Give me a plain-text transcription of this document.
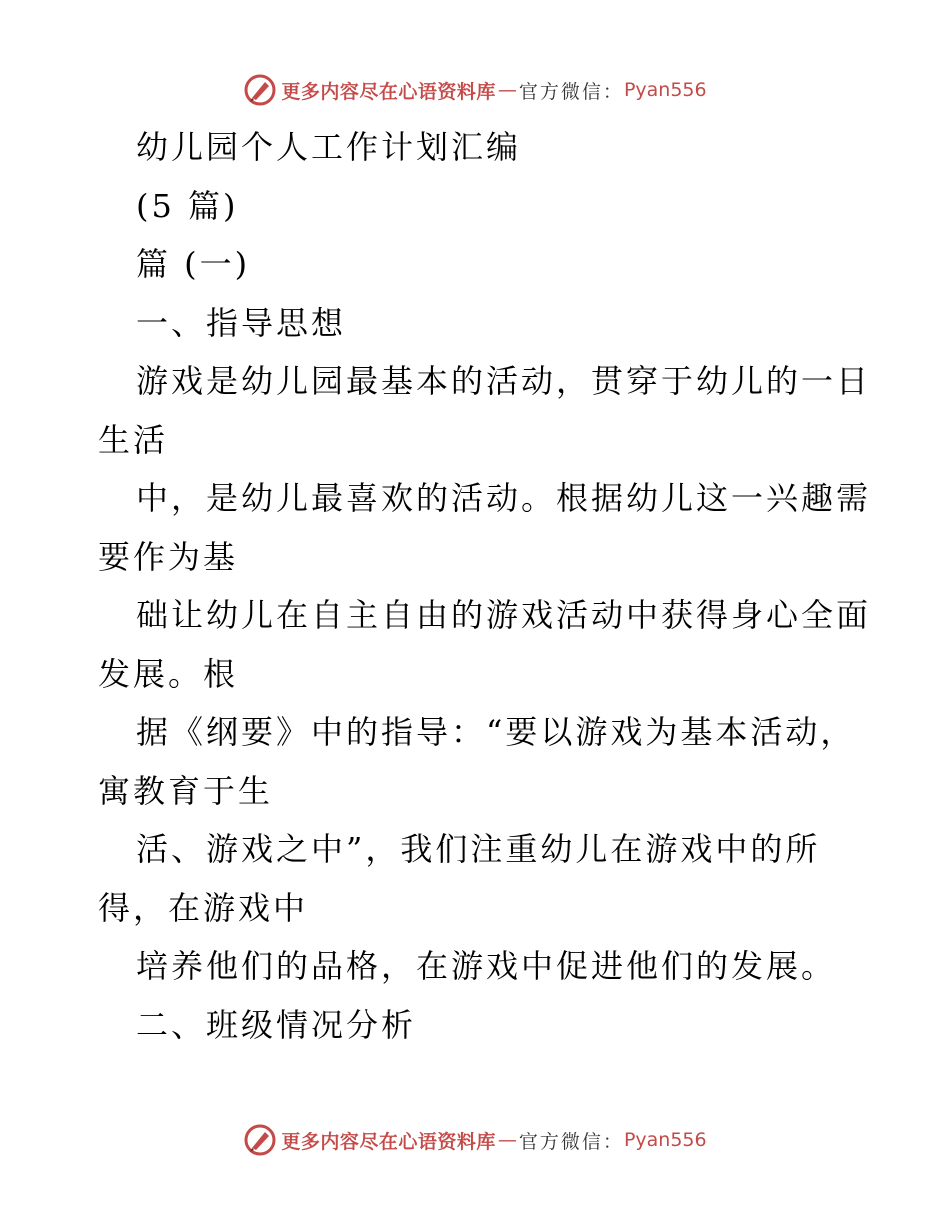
更多内容尽在心语资料库 — 官方微信： Pyan556
幼儿园个人工作计划汇编
(5 篇)
篇 (一)
一、指导思想
游戏是幼儿园最基本的活动，贯穿于幼儿的一日
生活
中，是幼儿最喜欢的活动。根据幼儿这一兴趣需
要作为基
础让幼儿在自主自由的游戏活动中获得身心全面
发展。根
据《纲要》中的指导：“要以游戏为基本活动，
寓教育于生
活、游戏之中”，我们注重幼儿在游戏中的所
得，在游戏中
培养他们的品格，在游戏中促进他们的发展。
二、班级情况分析
更多内容尽在心语资料库 — 官方微信： Pyan556
